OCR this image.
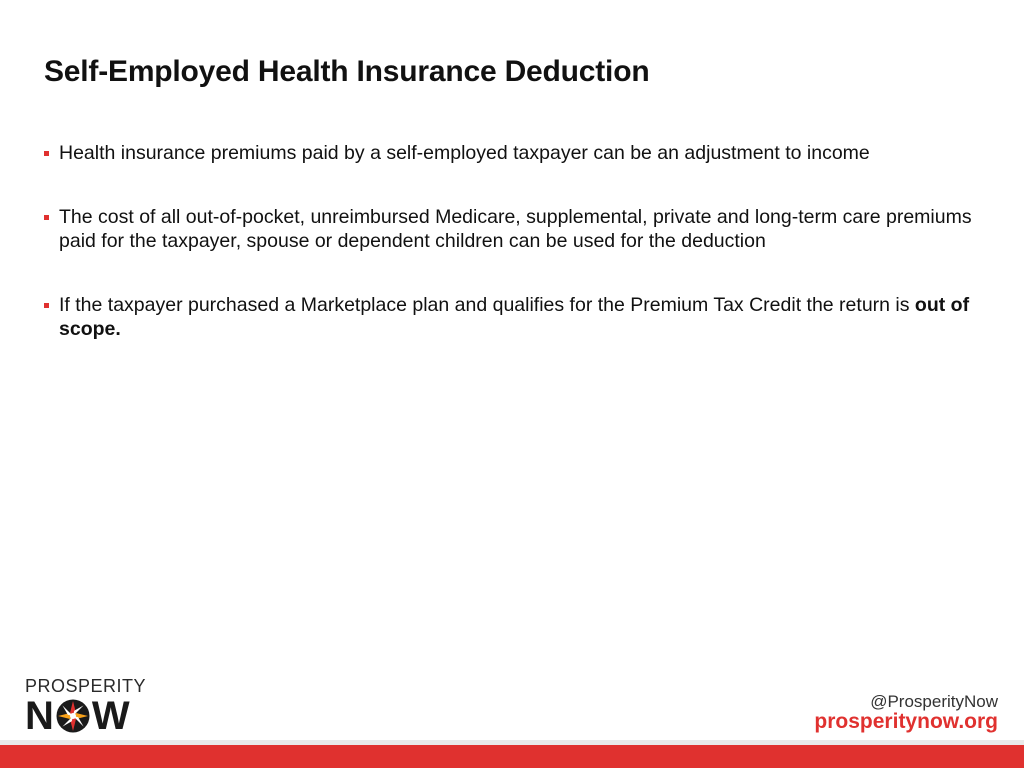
Self-Employed Health Insurance Deduction
Health insurance premiums paid by a self-employed taxpayer can be an adjustment to income
The cost of all out-of-pocket, unreimbursed Medicare, supplemental, private and long-term care premiums paid for the taxpayer, spouse or dependent children can be used for the deduction
If the taxpayer purchased a Marketplace plan and qualifies for the Premium Tax Credit the return is out of scope.
PROSPERITY
N W	@ProsperityNow
prosperitynow.org
